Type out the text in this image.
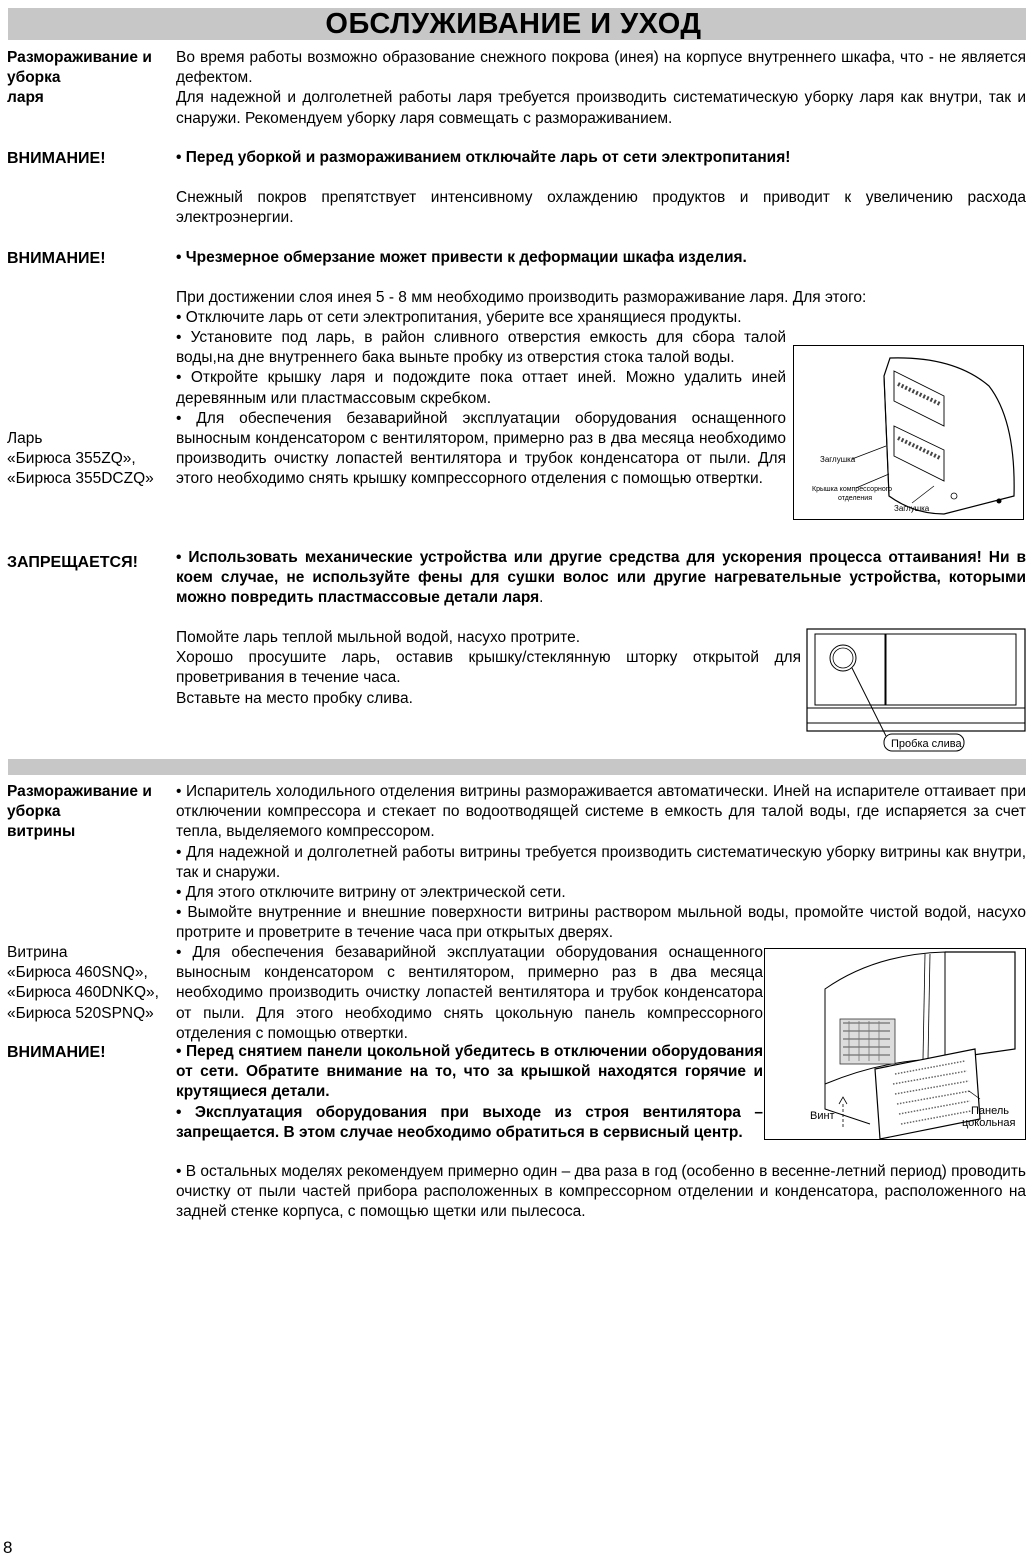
ОБСЛУЖИВАНИЕ И УХОД
Размораживание и
уборка
ларя

Во время работы возможно образование снежного покрова (инея) на корпусе внутреннего шкафа, что - не является дефектом.

Для надежной и долголетней работы ларя требуется производить систематическую уборку ларя как внутри, так и снаружи. Рекомендуем уборку ларя совмещать с размораживанием.

ВНИМАНИЕ!	• Перед уборкой и размораживанием отключайте ларь от сети электропитания!
Снежный покров препятствует интенсивному охлаждению продуктов и приводит к увеличению расхода электроэнергии.
ВНИМАНИЕ!	• Чрезмерное обмерзание может привести к деформации шкафа изделия.
При достижении слоя инея 5 - 8 мм необходимо производить размораживание ларя. Для этого:
• Отключите ларь от сети электропитания, уберите все хранящиеся продукты.

• Установите под ларь, в район сливного отверстия емкость для сбора талой воды,на дне внутреннего бака выньте пробку из отверстия стока талой воды.

• Откройте крышку ларя и подождите пока оттает иней. Можно удалить иней деревянным или пластмассовым скребком.

• Для обеспечения безаварийной эксплуатации оборудования оснащенного выносным конденсатором с вентилятором, примерно раз в два месяца необходимо производить очистку лопастей вентилятора и трубок конденсатора от пыли. Для этого необходимо снять крышку компрессорного отделения с помощью отвертки.

Ларь
«Бирюса 355ZQ»,
«Бирюса 355DCZQ»
Заглушка
Крышка компрессорного
отделения
Заглушка
ЗАПРЕЩАЕТСЯ! • Использовать механические устройства или другие средства для ускорения процесса оттаивания! Ни в коем случае, не используйте фены для сушки волос или другие нагревательные устройства, которыми можно повредить пластмассовые детали ларя.

Помойте ларь теплой мыльной водой, насухо протрите.

Хорошо просушите ларь, оставив крышку/стеклянную шторку открытой для проветривания в течение часа.

Вставьте на место пробку слива.

Пробка слива
Размораживание и
уборка
витрины

• Испаритель холодильного отделения витрины размораживается автоматически. Иней на испарителе оттаивает при отключении компрессора и стекает по водоотводящей системе в емкость для талой воды, где испаряется за счет тепла, выделяемого компрессором.

• Для надежной и долголетней работы витрины требуется производить систематическую уборку витрины как внутри, так и снаружи.

• Для этого отключите витрину от электрической сети.

• Вымойте внутренние и внешние поверхности витрины раствором мыльной воды, промойте чистой водой, насухо протрите и проветрите в течение часа при открытых дверях.

Витрина
«Бирюса 460SNQ»,
«Бирюса 460DNKQ»,
«Бирюса 520SPNQ»
• Для обеспечения безаварийной эксплуатации оборудования оснащенного выносным конденсатором с вентилятором, примерно раз в два месяца необходимо производить очистку лопастей вентилятора и трубок конденсатора от пыли. Для этого необходимо снять цокольную панель компрессорного отделения с помощью отвертки.
ВНИМАНИЕ!	• Перед снятием панели цокольной убедитесь в отключении оборудования от сети. Обратите внимание на то, что за крышкой находятся горячие и крутящиеся детали.

• Эксплуатация оборудования при выходе из строя вентилятора – запрещается. В этом случае необходимо обратиться в сервисный центр.

Винт	Панель
цокольная
• В остальных моделях рекомендуем примерно один – два раза в год (особенно в весенне-летний период) проводить очистку от пыли частей прибора расположенных в компрессорном отделении и конденсатора, расположенного на задней стенке корпуса, с помощью щетки или пылесоса.
8
